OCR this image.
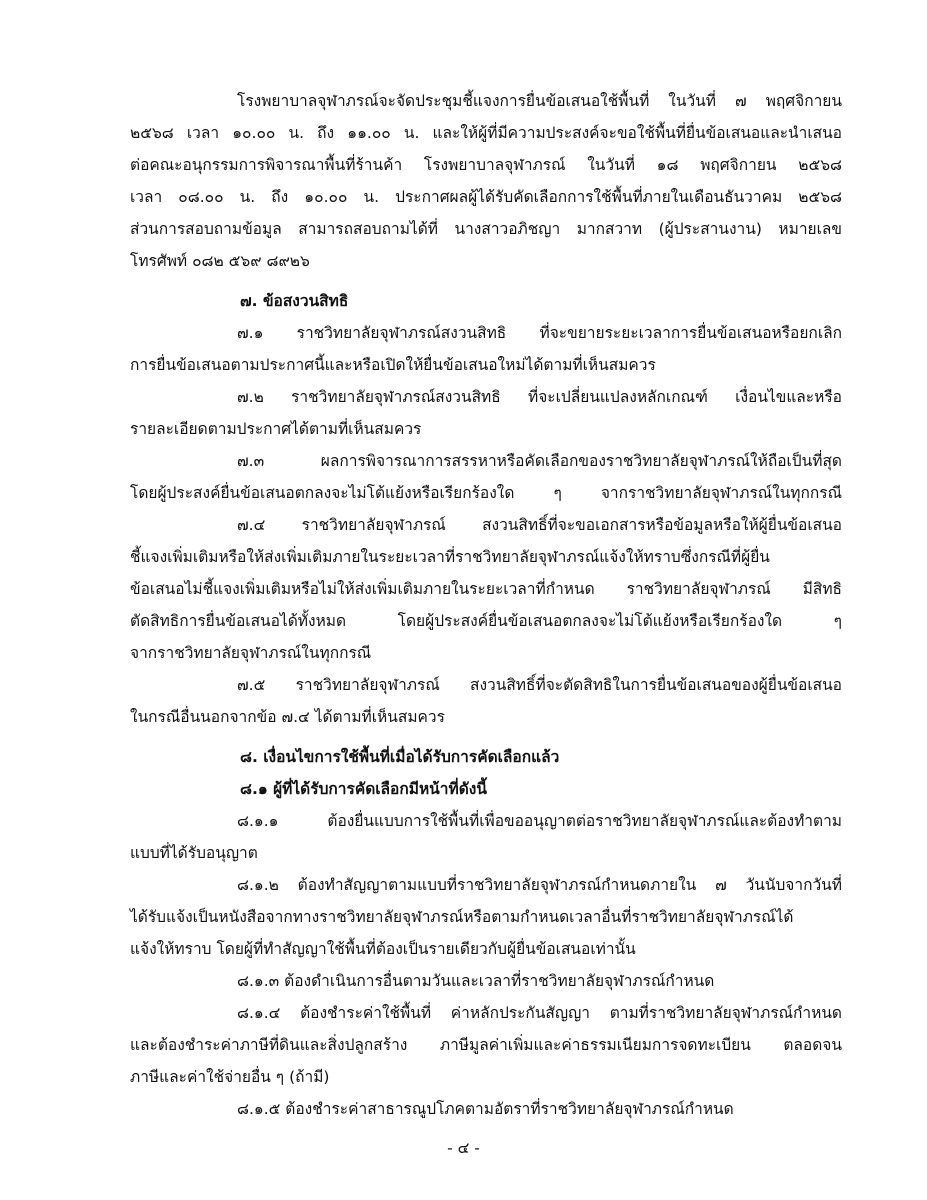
โรงพยาบาลจุฬาภรณ์จะจัดประชุมชี้แจงการยื่นข้อเสนอใช้พื้นที่ ในวันที่ ๗ พฤศจิกายน
๒๕๖๘ เวลา ๑๐.๐๐ น. ถึง ๑๑.๐๐ น. และให้ผู้ที่มีความประสงค์จะขอใช้พื้นที่ยื่นข้อเสนอและนำเสนอ
ต่อคณะอนุกรรมการพิจารณาพื้นที่ร้านค้า โรงพยาบาลจุฬาภรณ์ ในวันที่ ๑๘ พฤศจิกายน ๒๕๖๘
เวลา ๐๘.๐๐ น. ถึง ๑๐.๐๐ น. ประกาศผลผู้ได้รับคัดเลือกการใช้พื้นที่ภายในเดือนธันวาคม ๒๕๖๘
ส่วนการสอบถามข้อมูล สามารถสอบถามได้ที่ นางสาวอภิชญา มากสวาท (ผู้ประสานงาน) หมายเลข
โทรศัพท์ ๐๘๒ ๕๖๙ ๘๙๒๖
๗. ข้อสงวนสิทธิ
๗.๑ ราชวิทยาลัยจุฬาภรณ์สงวนสิทธิ ที่จะขยายระยะเวลาการยื่นข้อเสนอหรือยกเลิก
การยื่นข้อเสนอตามประกาศนี้และหรือเปิดให้ยื่นข้อเสนอใหม่ได้ตามที่เห็นสมควร
๗.๒ ราชวิทยาลัยจุฬาภรณ์สงวนสิทธิ ที่จะเปลี่ยนแปลงหลักเกณฑ์ เงื่อนไขและหรือ
รายละเอียดตามประกาศได้ตามที่เห็นสมควร
๗.๓ ผลการพิจารณาการสรรหาหรือคัดเลือกของราชวิทยาลัยจุฬาภรณ์ให้ถือเป็นที่สุด
โดยผู้ประสงค์ยื่นข้อเสนอตกลงจะไม่โต้แย้งหรือเรียกร้องใด ๆ จากราชวิทยาลัยจุฬาภรณ์ในทุกกรณี
๗.๔ ราชวิทยาลัยจุฬาภรณ์ สงวนสิทธิ์ที่จะขอเอกสารหรือข้อมูลหรือให้ผู้ยื่นข้อเสนอ
ชี้แจงเพิ่มเติมหรือให้ส่งเพิ่มเติมภายในระยะเวลาที่ราชวิทยาลัยจุฬาภรณ์แจ้งให้ทราบซึ่งกรณีที่ผู้ยื่น
ข้อเสนอไม่ชี้แจงเพิ่มเติมหรือไม่ให้ส่งเพิ่มเติมภายในระยะเวลาที่กำหนด ราชวิทยาลัยจุฬาภรณ์ มีสิทธิ
ตัดสิทธิการยื่นข้อเสนอได้ทั้งหมด โดยผู้ประสงค์ยื่นข้อเสนอตกลงจะไม่โต้แย้งหรือเรียกร้องใด ๆ
จากราชวิทยาลัยจุฬาภรณ์ในทุกกรณี
๗.๕ ราชวิทยาลัยจุฬาภรณ์ สงวนสิทธิ์ที่จะตัดสิทธิในการยื่นข้อเสนอของผู้ยื่นข้อเสนอ
ในกรณีอื่นนอกจากข้อ ๗.๔ ได้ตามที่เห็นสมควร
๘. เงื่อนไขการใช้พื้นที่เมื่อได้รับการคัดเลือกแล้ว
๘.๑ ผู้ที่ได้รับการคัดเลือกมีหน้าที่ดังนี้
๘.๑.๑ ต้องยื่นแบบการใช้พื้นที่เพื่อขออนุญาตต่อราชวิทยาลัยจุฬาภรณ์และต้องทำตาม
แบบที่ได้รับอนุญาต
๘.๑.๒ ต้องทำสัญญาตามแบบที่ราชวิทยาลัยจุฬาภรณ์กำหนดภายใน ๗ วันนับจากวันที่
ได้รับแจ้งเป็นหนังสือจากทางราชวิทยาลัยจุฬาภรณ์หรือตามกำหนดเวลาอื่นที่ราชวิทยาลัยจุฬาภรณ์ได้
แจ้งให้ทราบ โดยผู้ที่ทำสัญญาใช้พื้นที่ต้องเป็นรายเดียวกับผู้ยื่นข้อเสนอเท่านั้น
๘.๑.๓ ต้องดำเนินการอื่นตามวันและเวลาที่ราชวิทยาลัยจุฬาภรณ์กำหนด
๘.๑.๔ ต้องชำระค่าใช้พื้นที่ ค่าหลักประกันสัญญา ตามที่ราชวิทยาลัยจุฬาภรณ์กำหนด
และต้องชำระค่าภาษีที่ดินและสิ่งปลูกสร้าง ภาษีมูลค่าเพิ่มและค่าธรรมเนียมการจดทะเบียน ตลอดจน
ภาษีและค่าใช้จ่ายอื่น ๆ (ถ้ามี)
๘.๑.๕ ต้องชำระค่าสาธารณูปโภคตามอัตราที่ราชวิทยาลัยจุฬาภรณ์กำหนด
- ๔ -
